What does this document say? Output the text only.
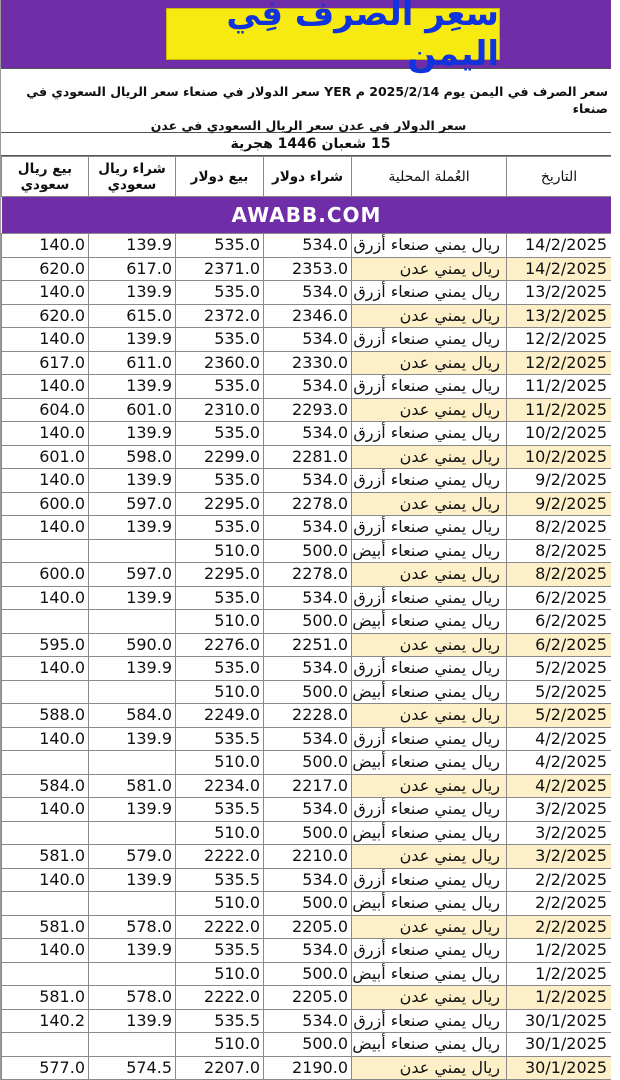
سعِر الصرف فِي اليمن
سعر الصرف في اليمن يوم 2025/2/14 م YER سعر الدولار في صنعاء سعر الريال السعودي في صنعاء
سعر الدولار في عدن سعر الريال السعودي في عدن
15 شعبان 1446 هجرية
بيع ريال سعودي	شراء ريال سعودي	بيع دولار	شراء دولار	العُملة المحلية	التاريخ
AWABB.COM					
140.0	139.9	535.0	534.0	ريال يمني صنعاء أزرق	14/2/2025
620.0	617.0	2371.0	2353.0	ريال يمني عدن	14/2/2025
140.0	139.9	535.0	534.0	ريال يمني صنعاء أزرق	13/2/2025
620.0	615.0	2372.0	2346.0	ريال يمني عدن	13/2/2025
140.0	139.9	535.0	534.0	ريال يمني صنعاء أزرق	12/2/2025
617.0	611.0	2360.0	2330.0	ريال يمني عدن	12/2/2025
140.0	139.9	535.0	534.0	ريال يمني صنعاء أزرق	11/2/2025
604.0	601.0	2310.0	2293.0	ريال يمني عدن	11/2/2025
140.0	139.9	535.0	534.0	ريال يمني صنعاء أزرق	10/2/2025
601.0	598.0	2299.0	2281.0	ريال يمني عدن	10/2/2025
140.0	139.9	535.0	534.0	ريال يمني صنعاء أزرق	9/2/2025
600.0	597.0	2295.0	2278.0	ريال يمني عدن	9/2/2025
140.0	139.9	535.0	534.0	ريال يمني صنعاء أزرق	8/2/2025
		510.0	500.0	ريال يمني صنعاء أبيض	8/2/2025
600.0	597.0	2295.0	2278.0	ريال يمني عدن	8/2/2025
140.0	139.9	535.0	534.0	ريال يمني صنعاء أزرق	6/2/2025
		510.0	500.0	ريال يمني صنعاء أبيض	6/2/2025
595.0	590.0	2276.0	2251.0	ريال يمني عدن	6/2/2025
140.0	139.9	535.0	534.0	ريال يمني صنعاء أزرق	5/2/2025
		510.0	500.0	ريال يمني صنعاء أبيض	5/2/2025
588.0	584.0	2249.0	2228.0	ريال يمني عدن	5/2/2025
140.0	139.9	535.5	534.0	ريال يمني صنعاء أزرق	4/2/2025
		510.0	500.0	ريال يمني صنعاء أبيض	4/2/2025
584.0	581.0	2234.0	2217.0	ريال يمني عدن	4/2/2025
140.0	139.9	535.5	534.0	ريال يمني صنعاء أزرق	3/2/2025
		510.0	500.0	ريال يمني صنعاء أبيض	3/2/2025
581.0	579.0	2222.0	2210.0	ريال يمني عدن	3/2/2025
140.0	139.9	535.5	534.0	ريال يمني صنعاء أزرق	2/2/2025
		510.0	500.0	ريال يمني صنعاء أبيض	2/2/2025
581.0	578.0	2222.0	2205.0	ريال يمني عدن	2/2/2025
140.0	139.9	535.5	534.0	ريال يمني صنعاء أزرق	1/2/2025
		510.0	500.0	ريال يمني صنعاء أبيض	1/2/2025
581.0	578.0	2222.0	2205.0	ريال يمني عدن	1/2/2025
140.2	139.9	535.5	534.0	ريال يمني صنعاء أزرق	30/1/2025
		510.0	500.0	ريال يمني صنعاء أبيض	30/1/2025
577.0	574.5	2207.0	2190.0	ريال يمني عدن	30/1/2025
